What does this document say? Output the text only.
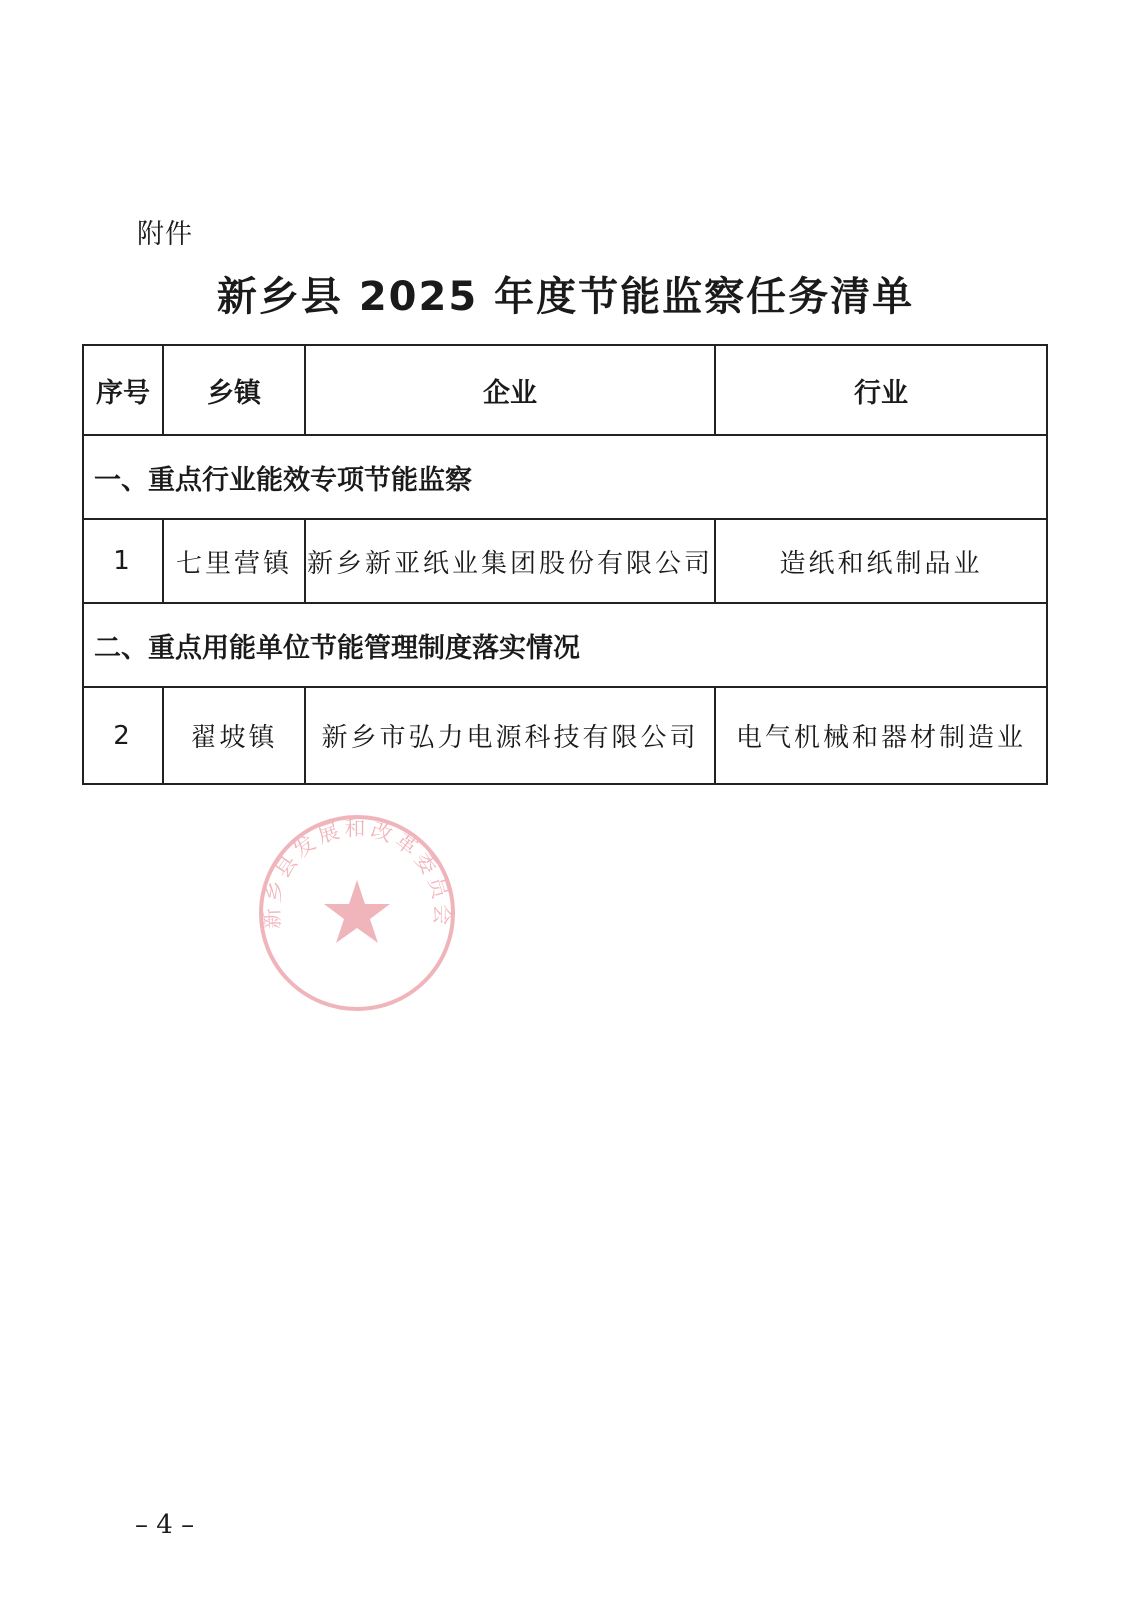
附件
新乡县 2025 年度节能监察任务清单
序号	乡镇	企业	行业
一、重点行业能效专项节能监察			
1	七里营镇	新乡新亚纸业集团股份有限公司	造纸和纸制品业
二、重点用能单位节能管理制度落实情况			
2	翟坡镇	新乡市弘力电源科技有限公司	电气机械和器材制造业
新乡县发展和改革委员会
– 4 –
